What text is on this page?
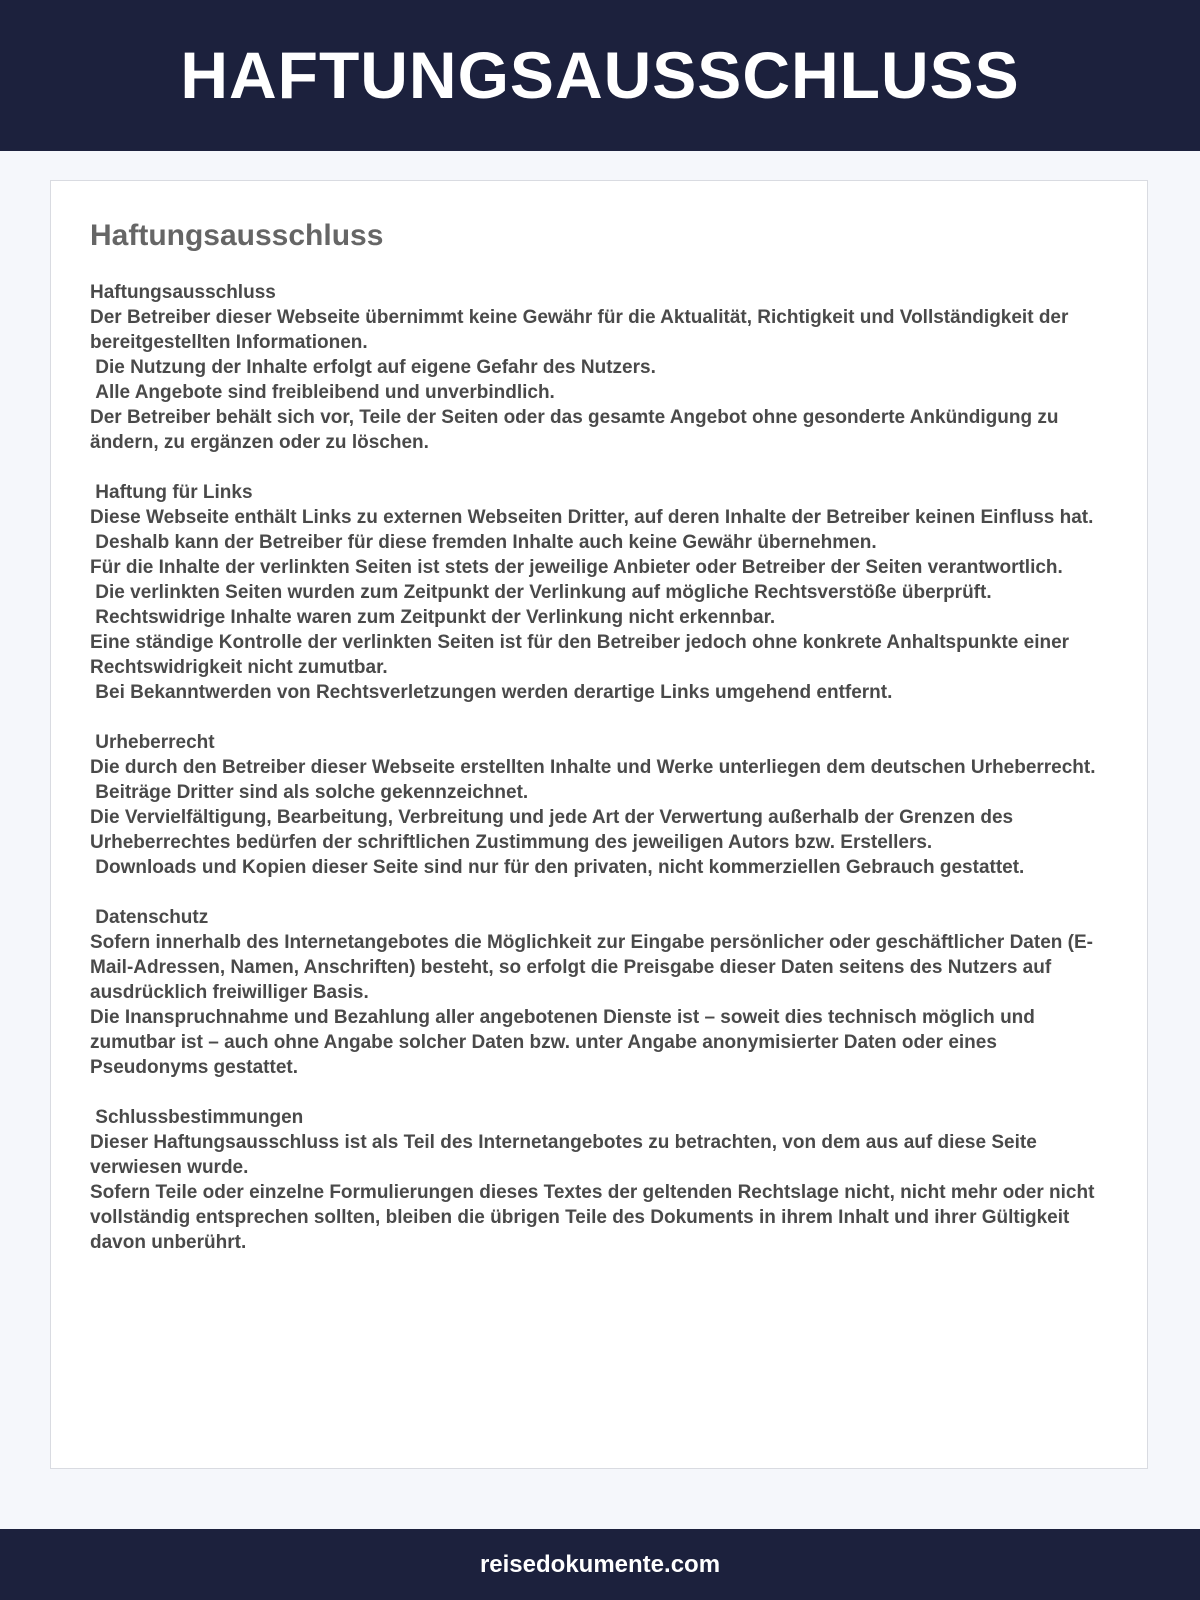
HAFTUNGSAUSSCHLUSS
Haftungsausschluss
Haftungsausschluss
Der Betreiber dieser Webseite übernimmt keine Gewähr für die Aktualität, Richtigkeit und Vollständigkeit der bereitgestellten Informationen.
Die Nutzung der Inhalte erfolgt auf eigene Gefahr des Nutzers.
Alle Angebote sind freibleibend und unverbindlich.
Der Betreiber behält sich vor, Teile der Seiten oder das gesamte Angebot ohne gesonderte Ankündigung zu ändern, zu ergänzen oder zu löschen.

Haftung für Links
Diese Webseite enthält Links zu externen Webseiten Dritter, auf deren Inhalte der Betreiber keinen Einfluss hat.
Deshalb kann der Betreiber für diese fremden Inhalte auch keine Gewähr übernehmen.
Für die Inhalte der verlinkten Seiten ist stets der jeweilige Anbieter oder Betreiber der Seiten verantwortlich.
Die verlinkten Seiten wurden zum Zeitpunkt der Verlinkung auf mögliche Rechtsverstöße überprüft.
Rechtswidrige Inhalte waren zum Zeitpunkt der Verlinkung nicht erkennbar.
Eine ständige Kontrolle der verlinkten Seiten ist für den Betreiber jedoch ohne konkrete Anhaltspunkte einer Rechtswidrigkeit nicht zumutbar.
Bei Bekanntwerden von Rechtsverletzungen werden derartige Links umgehend entfernt.

Urheberrecht
Die durch den Betreiber dieser Webseite erstellten Inhalte und Werke unterliegen dem deutschen Urheberrecht.
Beiträge Dritter sind als solche gekennzeichnet.
Die Vervielfältigung, Bearbeitung, Verbreitung und jede Art der Verwertung außerhalb der Grenzen des Urheberrechtes bedürfen der schriftlichen Zustimmung des jeweiligen Autors bzw. Erstellers.
Downloads und Kopien dieser Seite sind nur für den privaten, nicht kommerziellen Gebrauch gestattet.

Datenschutz
Sofern innerhalb des Internetangebotes die Möglichkeit zur Eingabe persönlicher oder geschäftlicher Daten (E-Mail-Adressen, Namen, Anschriften) besteht, so erfolgt die Preisgabe dieser Daten seitens des Nutzers auf ausdrücklich freiwilliger Basis.
Die Inanspruchnahme und Bezahlung aller angebotenen Dienste ist – soweit dies technisch möglich und zumutbar ist – auch ohne Angabe solcher Daten bzw. unter Angabe anonymisierter Daten oder eines Pseudonyms gestattet.

Schlussbestimmungen
Dieser Haftungsausschluss ist als Teil des Internetangebotes zu betrachten, von dem aus auf diese Seite verwiesen wurde.
Sofern Teile oder einzelne Formulierungen dieses Textes der geltenden Rechtslage nicht, nicht mehr oder nicht vollständig entsprechen sollten, bleiben die übrigen Teile des Dokuments in ihrem Inhalt und ihrer Gültigkeit davon unberührt.
reisedokumente.com
